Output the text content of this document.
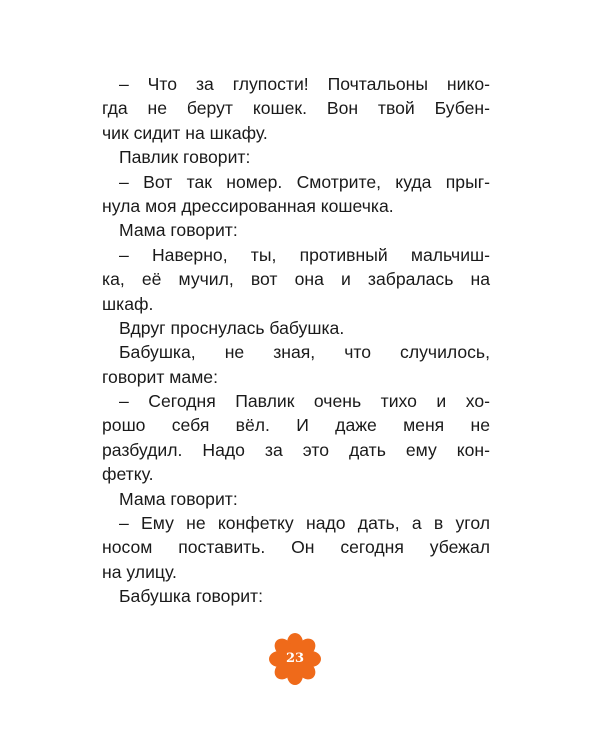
– Что за глупости! Почтальоны нико-
гда не берут кошек. Вон твой Бубен-
чик сидит на шкафу.
Павлик говорит:
– Вот так номер. Смотрите, куда прыг-
нула моя дрессированная кошечка.
Мама говорит:
– Наверно, ты, противный мальчиш-
ка, её мучил, вот она и забралась на
шкаф.
Вдруг проснулась бабушка.
Бабушка, не зная, что случилось,
говорит маме:
– Сегодня Павлик очень тихо и хо-
рошо себя вёл. И даже меня не
разбудил. Надо за это дать ему кон-
фетку.
Мама говорит:
– Ему не конфетку надо дать, а в угол
носом поставить. Он сегодня убежал
на улицу.
Бабушка говорит:
23
